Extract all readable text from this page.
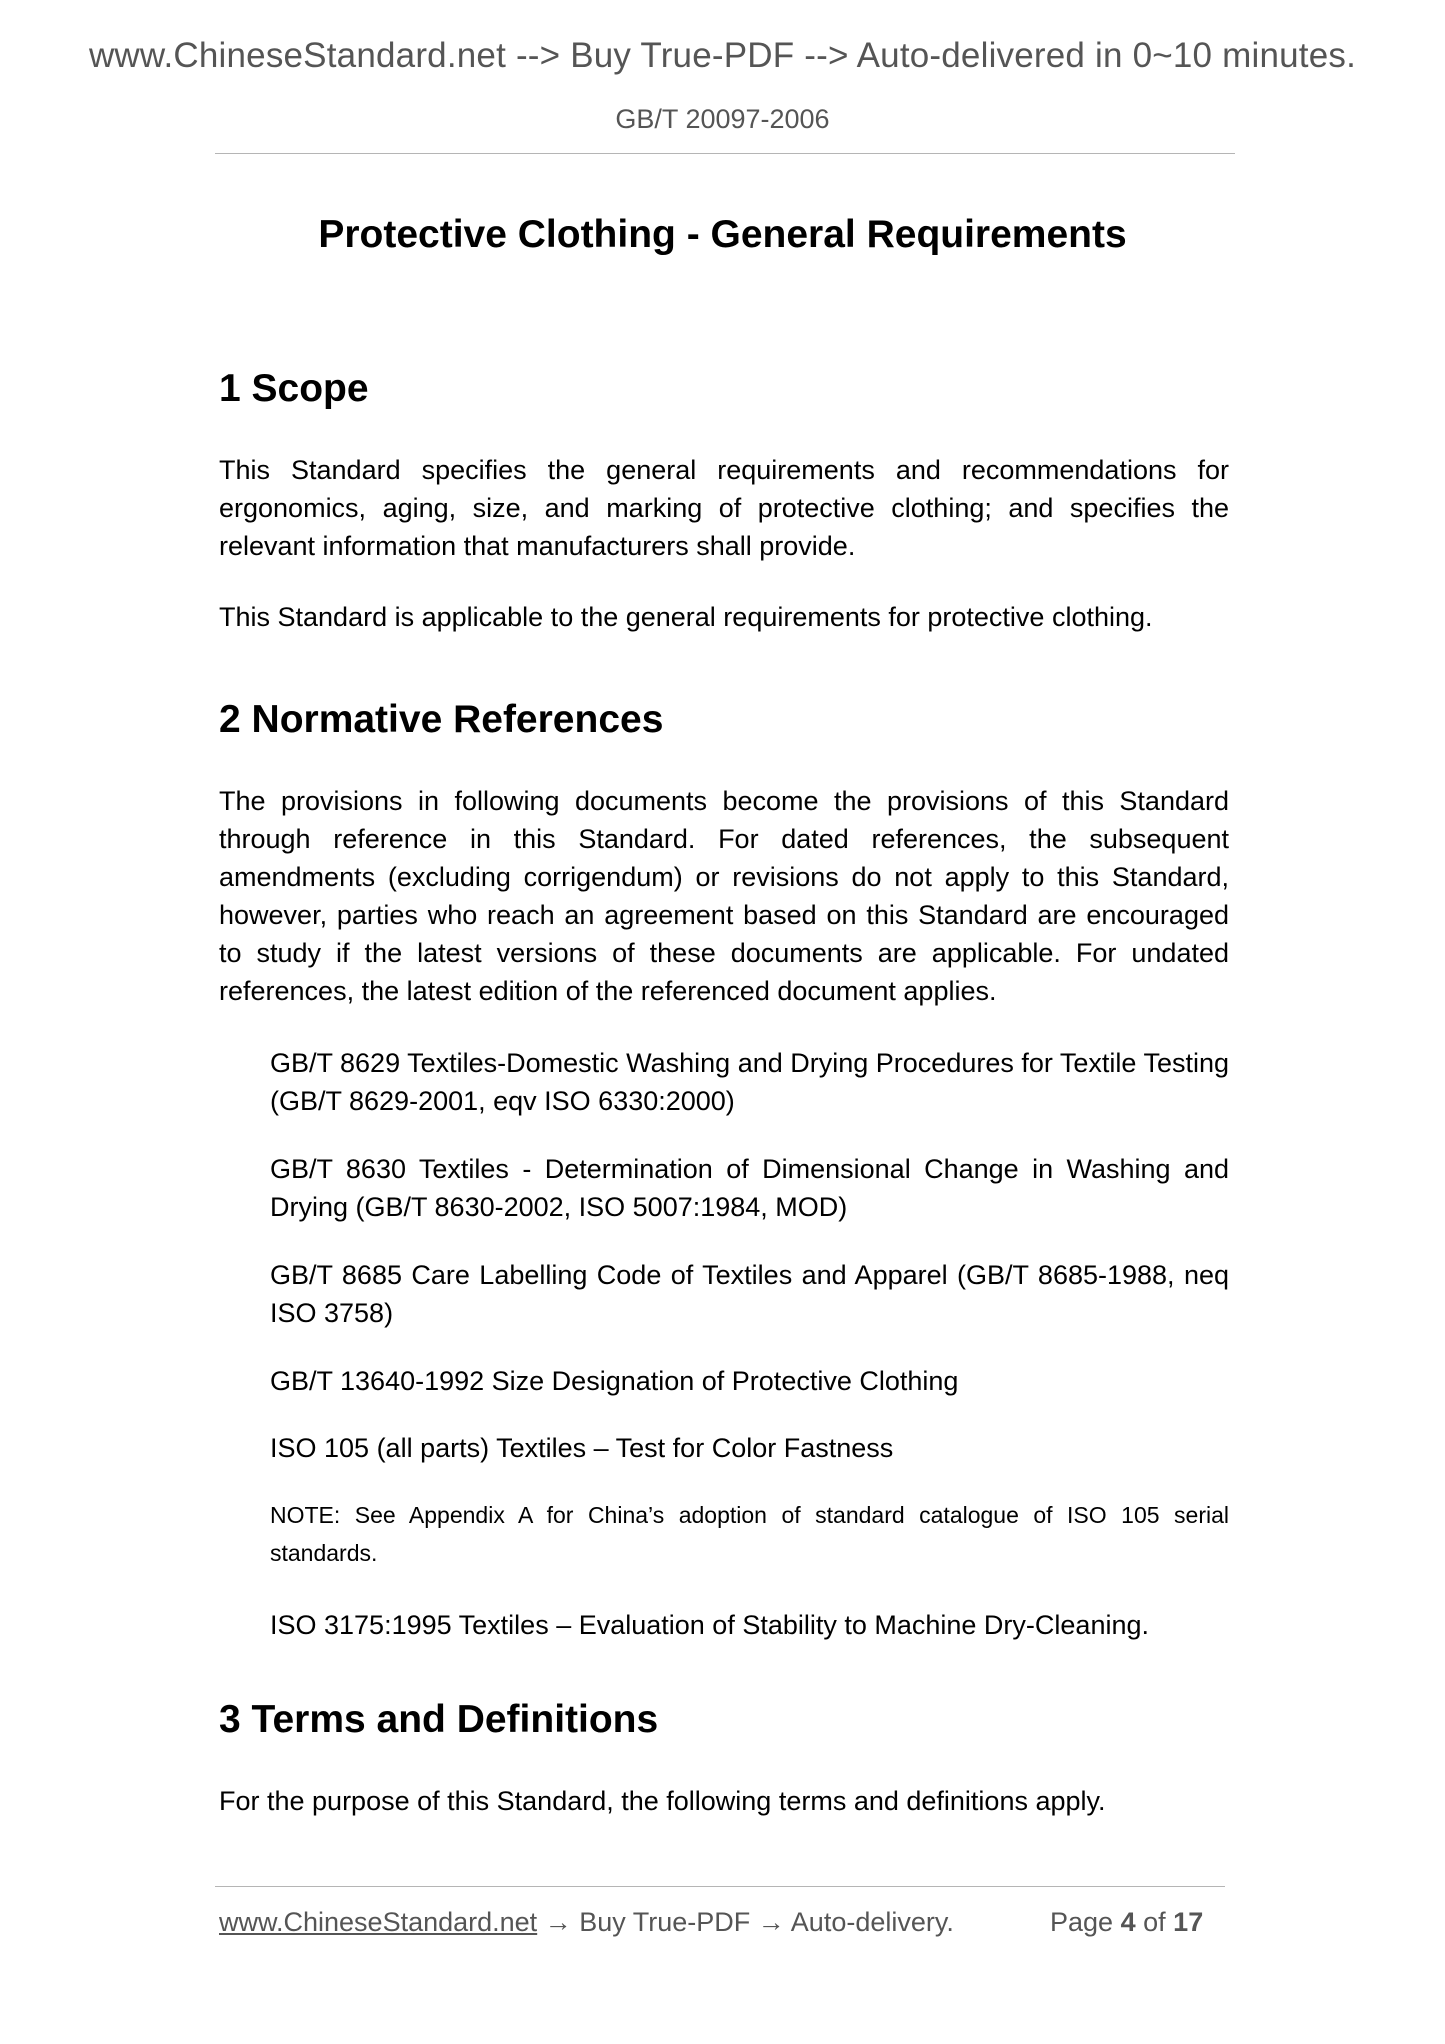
www.ChineseStandard.net --> Buy True-PDF --> Auto-delivered in 0~10 minutes.
GB/T 20097-2006
Protective Clothing - General Requirements
1 Scope
This Standard specifies the general requirements and recommendations for ergonomics, aging, size, and marking of protective clothing; and specifies the relevant information that manufacturers shall provide.
This Standard is applicable to the general requirements for protective clothing.
2 Normative References
The provisions in following documents become the provisions of this Standard through reference in this Standard. For dated references, the subsequent amendments (excluding corrigendum) or revisions do not apply to this Standard, however, parties who reach an agreement based on this Standard are encouraged to study if the latest versions of these documents are applicable. For undated references, the latest edition of the referenced document applies.
GB/T 8629 Textiles-Domestic Washing and Drying Procedures for Textile Testing (GB/T 8629-2001, eqv ISO 6330:2000)
GB/T 8630 Textiles - Determination of Dimensional Change in Washing and Drying (GB/T 8630-2002, ISO 5007:1984, MOD)
GB/T 8685 Care Labelling Code of Textiles and Apparel (GB/T 8685-1988, neq ISO 3758)
GB/T 13640-1992 Size Designation of Protective Clothing
ISO 105 (all parts) Textiles – Test for Color Fastness
NOTE: See Appendix A for China’s adoption of standard catalogue of ISO 105 serial standards.
ISO 3175:1995 Textiles – Evaluation of Stability to Machine Dry-Cleaning.
3 Terms and Definitions
For the purpose of this Standard, the following terms and definitions apply.
www.ChineseStandard.net → Buy True-PDF → Auto-delivery.	Page 4 of 17
